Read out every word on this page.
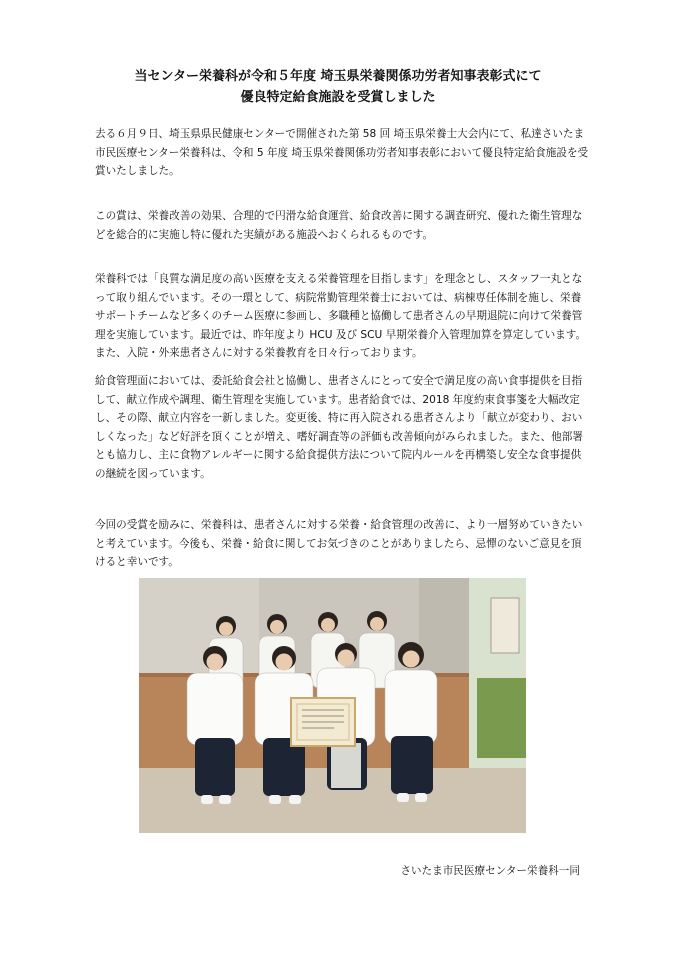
当センター栄養科が令和５年度 埼玉県栄養関係功労者知事表彰式にて
優良特定給食施設を受賞しました

去る６月９日、埼玉県県民健康センターで開催された第 58 回 埼玉県栄養士大会内にて、私達さいたま市民医療センター栄養科は、令和 5 年度 埼玉県栄養関係功労者知事表彰において優良特定給食施設を受賞いたしました。

この賞は、栄養改善の効果、合理的で円滑な給食運営、給食改善に関する調査研究、優れた衛生管理などを総合的に実施し特に優れた実績がある施設へおくられるものです。

栄養科では「良質な満足度の高い医療を支える栄養管理を目指します」を理念とし、スタッフ一丸となって取り組んでいます。その一環として、病院常勤管理栄養士においては、病棟専任体制を施し、栄養サポートチームなど多くのチーム医療に参画し、多職種と協働して患者さんの早期退院に向けて栄養管理を実施しています。最近では、昨年度より HCU 及び SCU 早期栄養介入管理加算を算定しています。また、入院・外来患者さんに対する栄養教育を日々行っております。

給食管理面においては、委託給食会社と協働し、患者さんにとって安全で満足度の高い食事提供を目指して、献立作成や調理、衛生管理を実施しています。患者給食では、2018 年度約束食事箋を大幅改定し、その際、献立内容を一新しました。変更後、特に再入院される患者さんより「献立が変わり、おいしくなった」など好評を頂くことが増え、嗜好調査等の評価も改善傾向がみられました。また、他部署とも協力し、主に食物アレルギーに関する給食提供方法について院内ルールを再構築し安全な食事提供の継続を図っています。

今回の受賞を励みに、栄養科は、患者さんに対する栄養・給食管理の改善に、より一層努めていきたいと考えています。今後も、栄養・給食に関してお気づきのことがありましたら、忌憚のないご意見を頂けると幸いです。

さいたま市民医療センター栄養科一同
